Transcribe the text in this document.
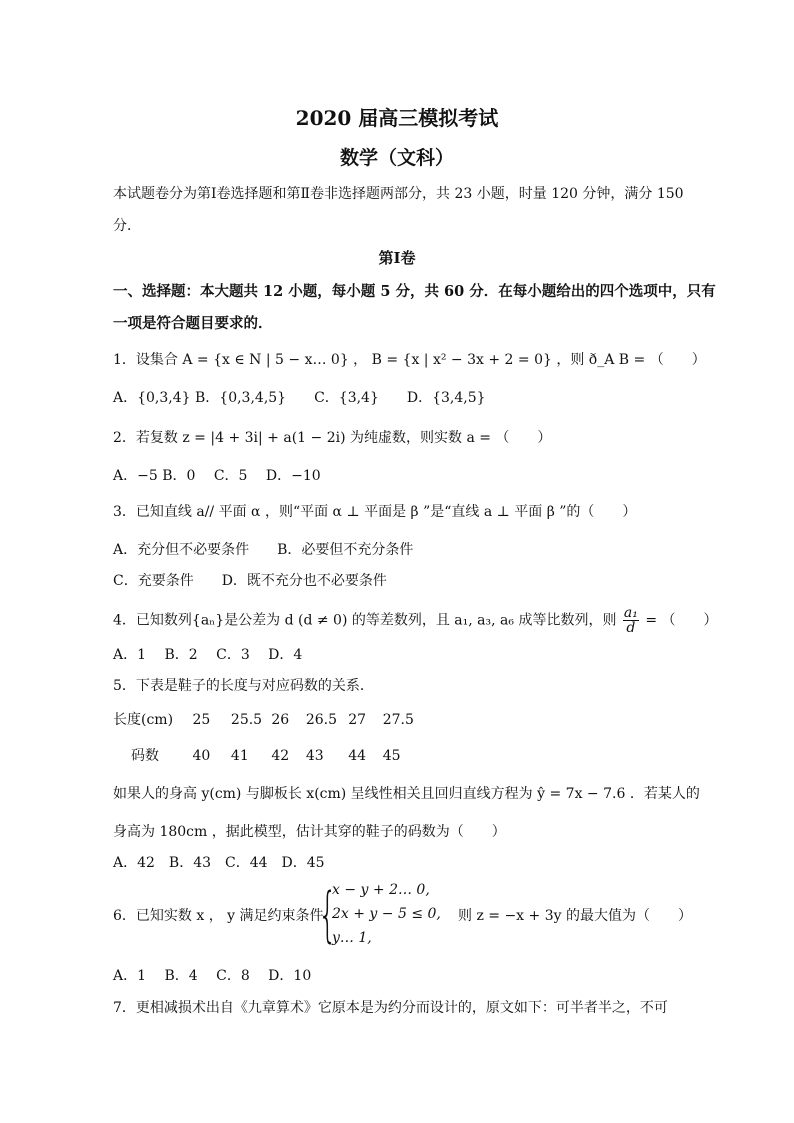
2020 届高三模拟考试
数学（文科）
本试题卷分为第Ⅰ卷选择题和第Ⅱ卷非选择题两部分，共 23 小题，时量 120 分钟，满分 150
分．
第Ⅰ卷
一、选择题：本大题共 12 小题，每小题 5 分，共 60 分．在每小题给出的四个选项中，只有
一项是符合题目要求的．
1．设集合 A = {x ∈ N | 5 − x… 0} ， B = {x | x² − 3x + 2 = 0} ，则 ð_A B = （　　）
A．{0,3,4} B．{0,3,4,5}　　C．{3,4}　　D．{3,4,5}
2．若复数 z = |4 + 3i| + a(1 − 2i) 为纯虚数，则实数 a = （　　）
A．−5 B．0　 C．5　 D．−10
3．已知直线 a// 平面 α ，则“平面 α ⊥ 平面是 β ”是“直线 a ⊥ 平面 β ”的（　　）
A．充分但不必要条件　　B．必要但不充分条件
C．充要条件　　D．既不充分也不必要条件
4．已知数列{aₙ}是公差为 d (d ≠ 0) 的等差数列，且 a₁, a₃, a₆ 成等比数列，则 $\frac{\text{a₁}}{d}$ = （　　）
A．1　 B．2　 C．3　 D．4
5．下表是鞋子的长度与对应码数的关系．
长度(cm) 25 25.5 26 26.5 27 27.5
码数 40 41 42 43 44 45
如果人的身高 y(cm) 与脚板长 x(cm) 呈线性相关且回归直线方程为 ŷ = 7x − 7.6 ．若某人的
身高为 180cm ，据此模型，估计其穿的鞋子的码数为（　　）
A．42　B．43　C．44　D．45
6．已知实数 x ， y 满足约束条件
{
x − y + 2… 0,
2x + y − 5 ≤ 0,
y… 1,
则 z = −x + 3y 的最大值为（　　）
A．1　 B．4　 C．8　 D．10
7．更相减损术出自《九章算术》它原本是为约分而设计的，原文如下：可半者半之，不可
